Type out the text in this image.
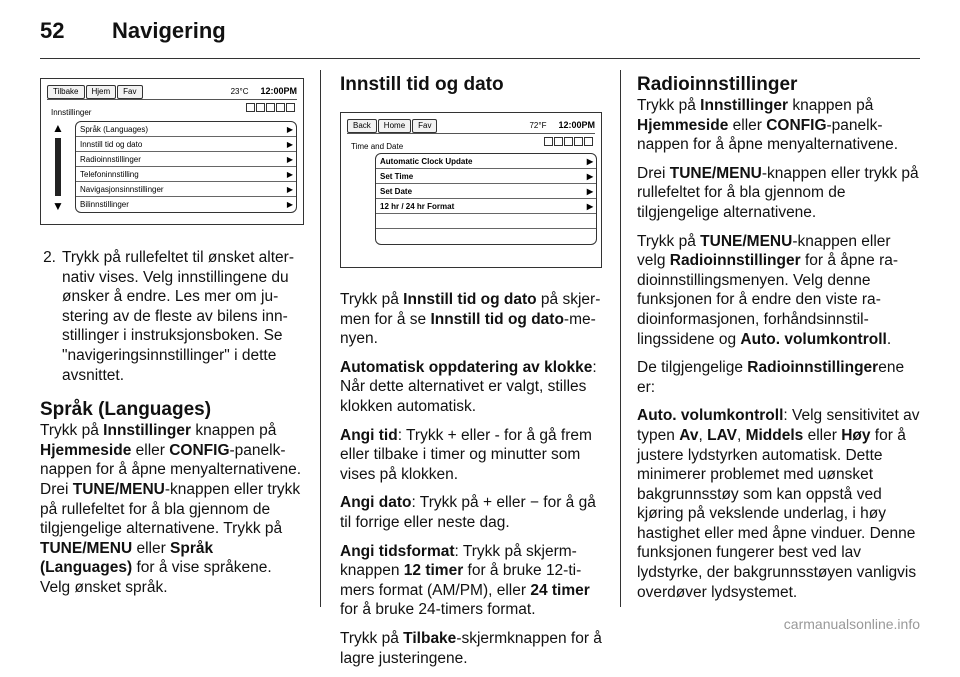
52 Navigering
Tilbake	Hjem	Fav	23°C 12:00PM
Innstillinger
▲
▼
Språk (Languages)	▶
Innstill tid og dato	▶
Radioinnstillinger	▶
Telefoninnstilling	▶
Navigasjonsinnstillinger	▶
Bilinnstillinger	▶
2. Trykk på rullefeltet til ønsket alternativ vises. Velg innstillingene du ønsker å endre. Les mer om justering av de fleste av bilens innstillinger i instruksjonsboken. Se "navigeringsinnstillinger" i dette avsnittet.
Språk (Languages)

Trykk på Innstillinger knappen på Hjemmeside eller CONFIG-panelknappen for å åpne menyalternativene. Drei TUNE/MENU-knappen eller trykk på rullefeltet for å bla gjennom de tilgjengelige alternativene. Trykk på TUNE/MENU eller Språk (Languages) for å vise språkene. Velg ønsket språk.

Innstill tid og dato
Back	Home	Fav	72°F 12:00PM
Time and Date
Automatic Clock Update	▶
Set Time	▶
Set Date	▶
12 hr / 24 hr Format	▶

Trykk på Innstill tid og dato på skjermen for å se Innstill tid og dato-menyen.

Automatisk oppdatering av klokke: Når dette alternativet er valgt, stilles klokken automatisk.

Angi tid: Trykk + eller - for å gå frem eller tilbake i timer og minutter som vises på klokken.

Angi dato: Trykk på + eller − for å gå til forrige eller neste dag.

Angi tidsformat: Trykk på skjermknappen 12 timer for å bruke 12-timers format (AM/PM), eller 24 timer for å bruke 24-timers format.

Trykk på Tilbake-skjermknappen for å lagre justeringene.

Radioinnstillinger

Trykk på Innstillinger knappen på Hjemmeside eller CONFIG-panelknappen for å åpne menyalternativene.

Drei TUNE/MENU-knappen eller trykk på rullefeltet for å bla gjennom de tilgjengelige alternativene.

Trykk på TUNE/MENU-knappen eller velg Radioinnstillinger for å åpne radioinnstillingsmenyen. Velg denne funksjonen for å endre den viste radioinformasjonen, forhåndsinnstillingssidene og Auto. volumkontroll.

De tilgjengelige Radioinnstillingerene er:

Auto. volumkontroll: Velg sensitivitet av typen Av, LAV, Middels eller Høy for å justere lydstyrken automatisk. Dette minimerer problemet med uønsket bakgrunnsstøy som kan oppstå ved kjøring på vekslende underlag, i høy hastighet eller med åpne vinduer. Denne funksjonen fungerer best ved lav lydstyrke, der bakgrunnsstøyen vanligvis overdøver lydsystemet.

carmanualsonline.info
